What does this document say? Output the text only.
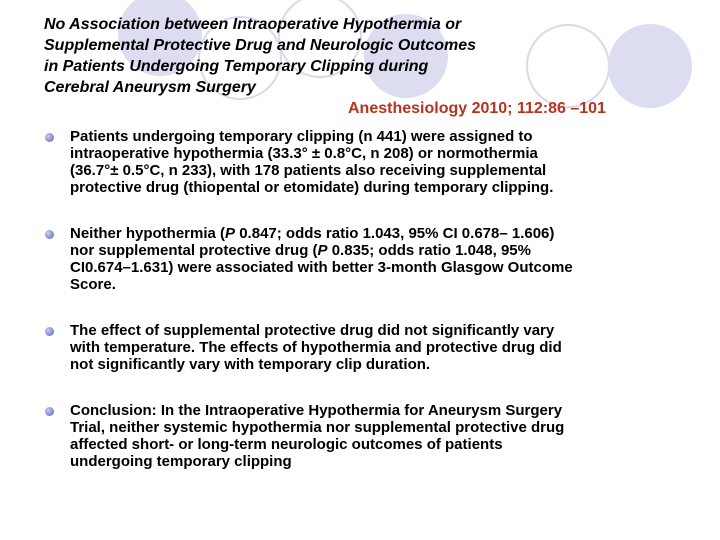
No Association between Intraoperative Hypothermia or
Supplemental Protective Drug and Neurologic Outcomes
in Patients Undergoing Temporary Clipping during
Cerebral Aneurysm Surgery
Anesthesiology 2010; 112:86 –101
Patients undergoing temporary clipping (n 441) were assigned to
intraoperative hypothermia (33.3° ± 0.8°C, n 208) or normothermia
(36.7°± 0.5°C, n 233), with 178 patients also receiving supplemental
protective drug (thiopental or etomidate) during temporary clipping.
Neither hypothermia (P 0.847; odds ratio 1.043, 95% CI 0.678– 1.606)
nor supplemental protective drug (P 0.835; odds ratio 1.048, 95%
CI0.674–1.631) were associated with better 3-month Glasgow Outcome
Score.
The effect of supplemental protective drug did not significantly vary
with temperature. The effects of hypothermia and protective drug did
not significantly vary with temporary clip duration.
Conclusion: In the Intraoperative Hypothermia for Aneurysm Surgery
Trial, neither systemic hypothermia nor supplemental protective drug
affected short- or long-term neurologic outcomes of patients
undergoing temporary clipping
